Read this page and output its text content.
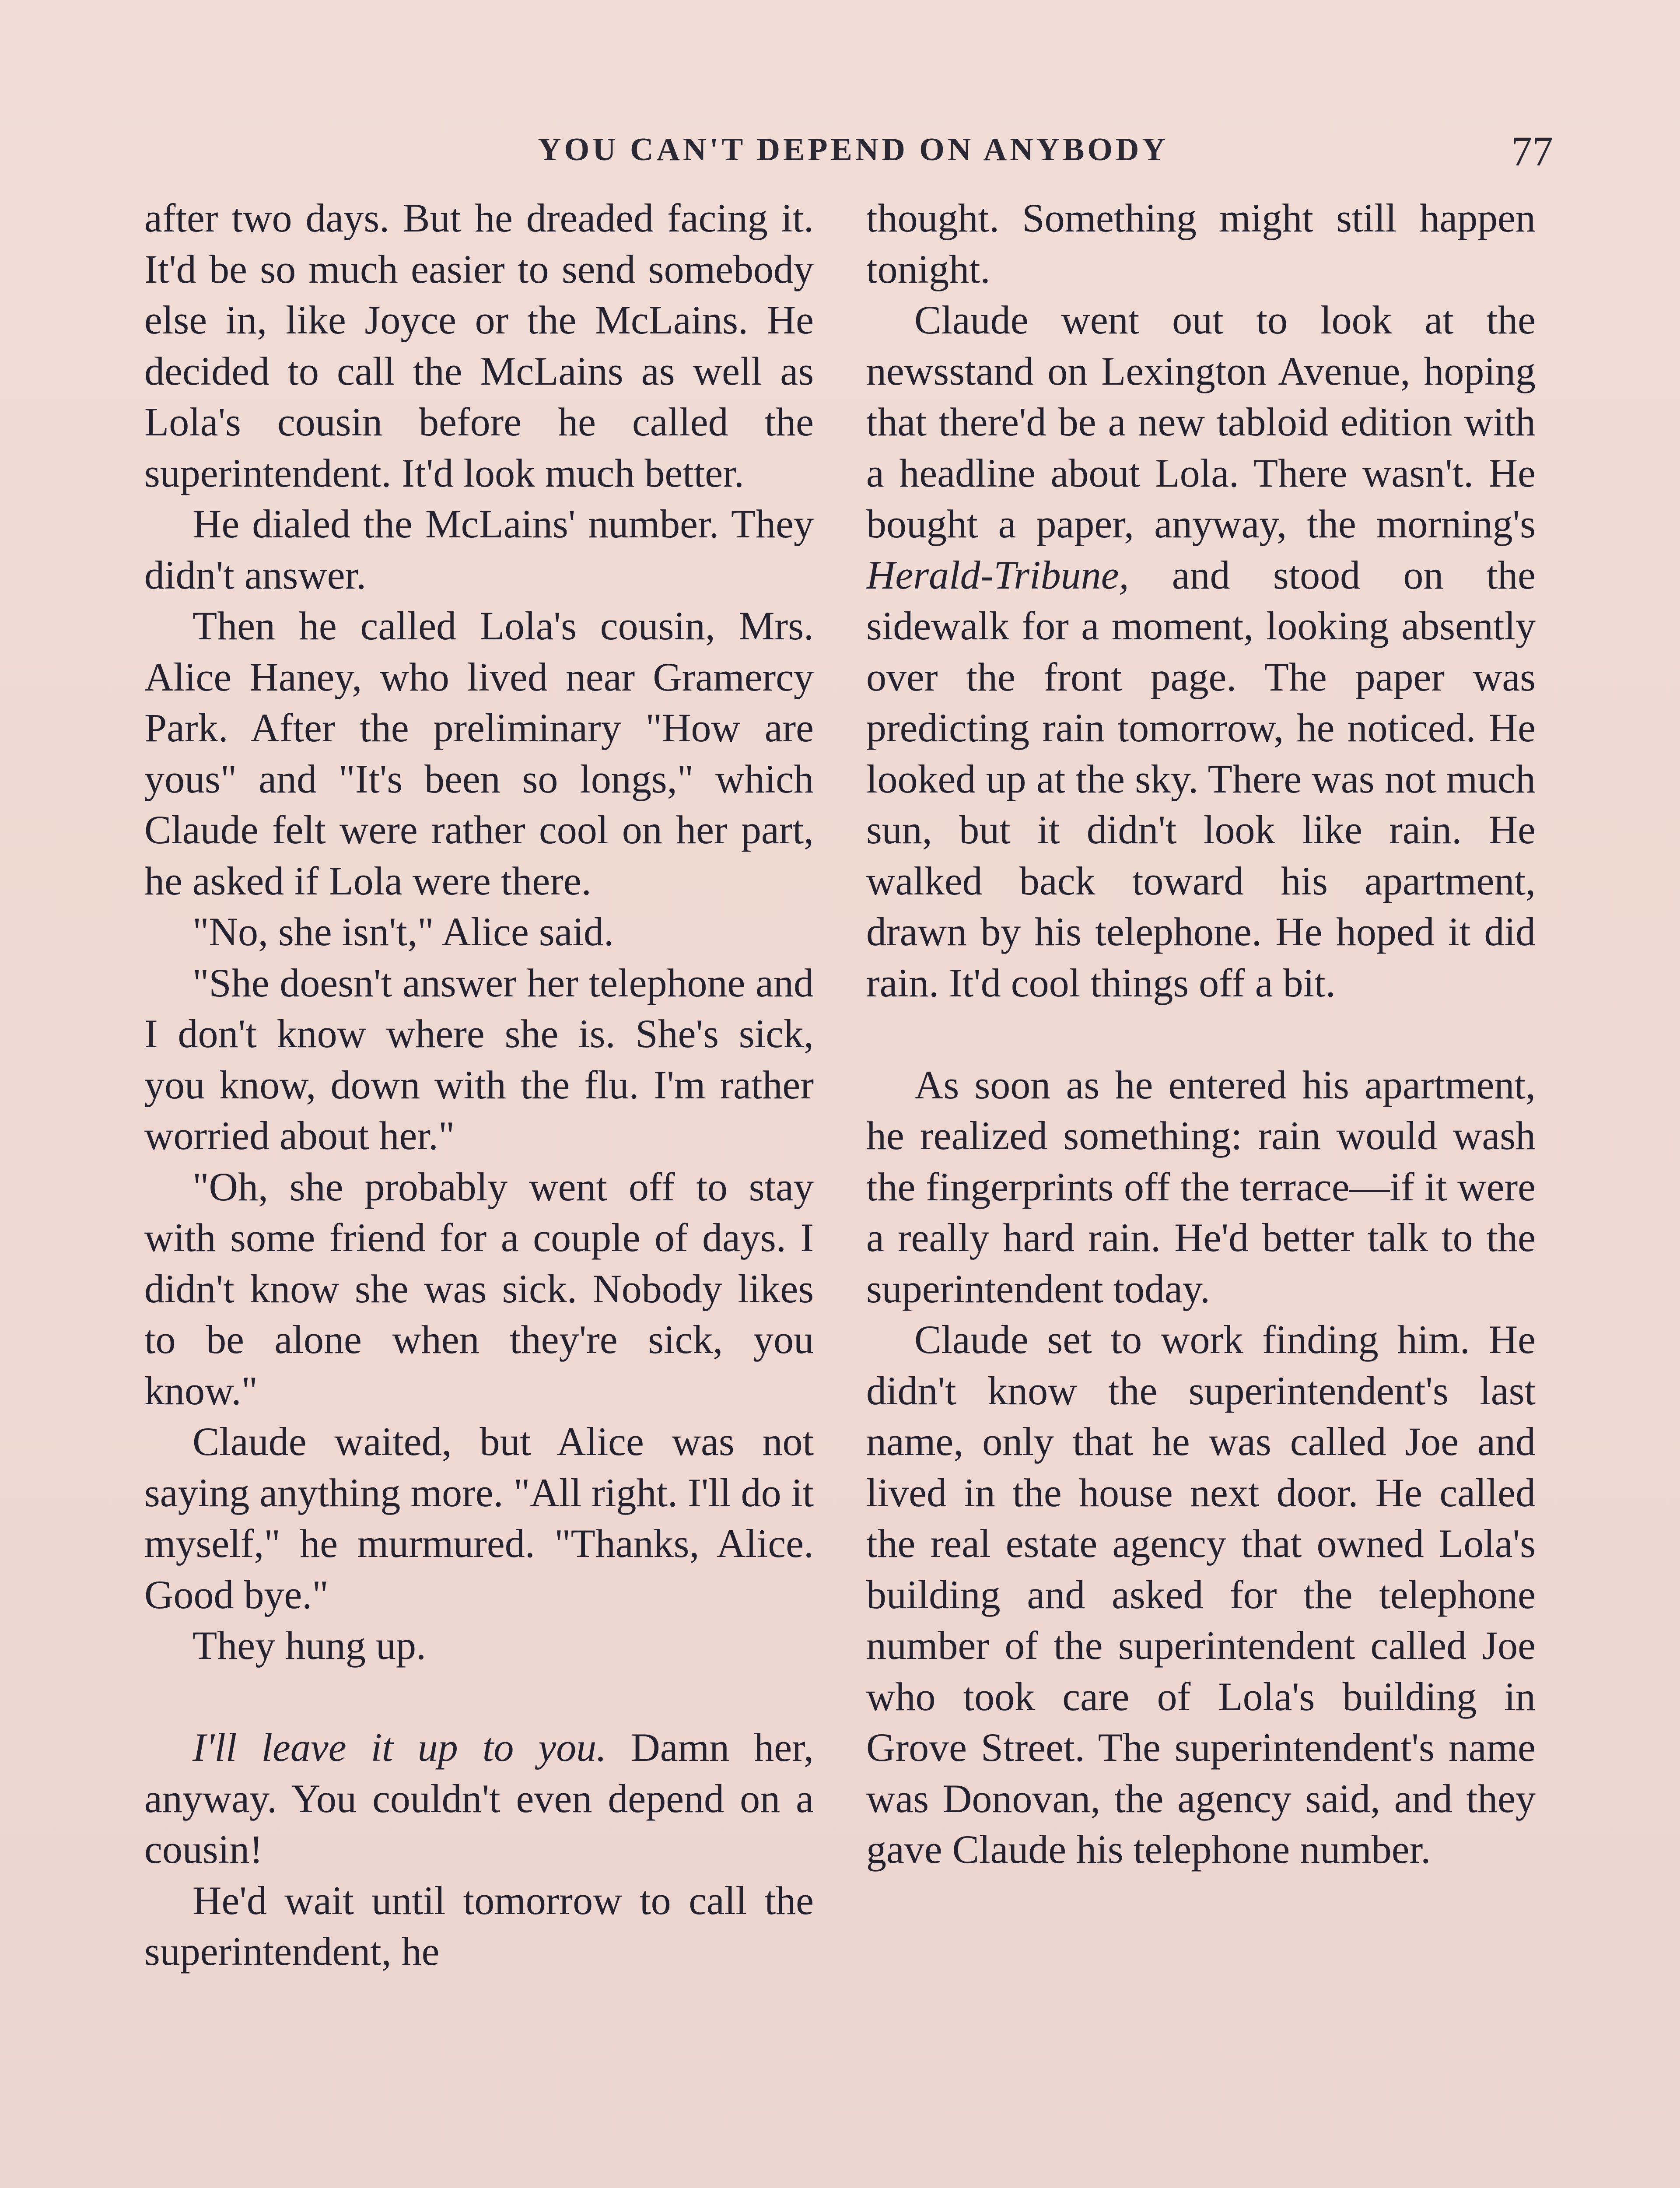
YOU CAN'T DEPEND ON ANYBODY	77

after two days. But he dreaded facing it. It'd be so much easier to send somebody else in, like Joyce or the McLains. He decided to call the McLains as well as Lola's cousin before he called the superintendent. It'd look much better.

He dialed the McLains' number. They didn't answer.

Then he called Lola's cousin, Mrs. Alice Haney, who lived near Gramercy Park. After the preliminary "How are yous" and "It's been so longs," which Claude felt were rather cool on her part, he asked if Lola were there.

"No, she isn't," Alice said.

"She doesn't answer her telephone and I don't know where she is. She's sick, you know, down with the flu. I'm rather worried about her."

"Oh, she probably went off to stay with some friend for a couple of days. I didn't know she was sick. Nobody likes to be alone when they're sick, you know."

Claude waited, but Alice was not saying anything more. "All right. I'll do it myself," he murmured. "Thanks, Alice. Good bye."

They hung up.

I'll leave it up to you. Damn her, anyway. You couldn't even depend on a cousin!

He'd wait until tomorrow to call the superintendent, he

thought. Something might still happen tonight.

Claude went out to look at the newsstand on Lexington Avenue, hoping that there'd be a new tabloid edition with a headline about Lola. There wasn't. He bought a paper, anyway, the morning's Herald-Tribune, and stood on the sidewalk for a moment, looking absently over the front page. The paper was predicting rain tomorrow, he noticed. He looked up at the sky. There was not much sun, but it didn't look like rain. He walked back toward his apartment, drawn by his telephone. He hoped it did rain. It'd cool things off a bit.

As soon as he entered his apartment, he realized something: rain would wash the fingerprints off the terrace—if it were a really hard rain. He'd better talk to the superintendent today.

Claude set to work finding him. He didn't know the superintendent's last name, only that he was called Joe and lived in the house next door. He called the real estate agency that owned Lola's building and asked for the telephone number of the superintendent called Joe who took care of Lola's building in Grove Street. The superintendent's name was Donovan, the agency said, and they gave Claude his telephone number.
